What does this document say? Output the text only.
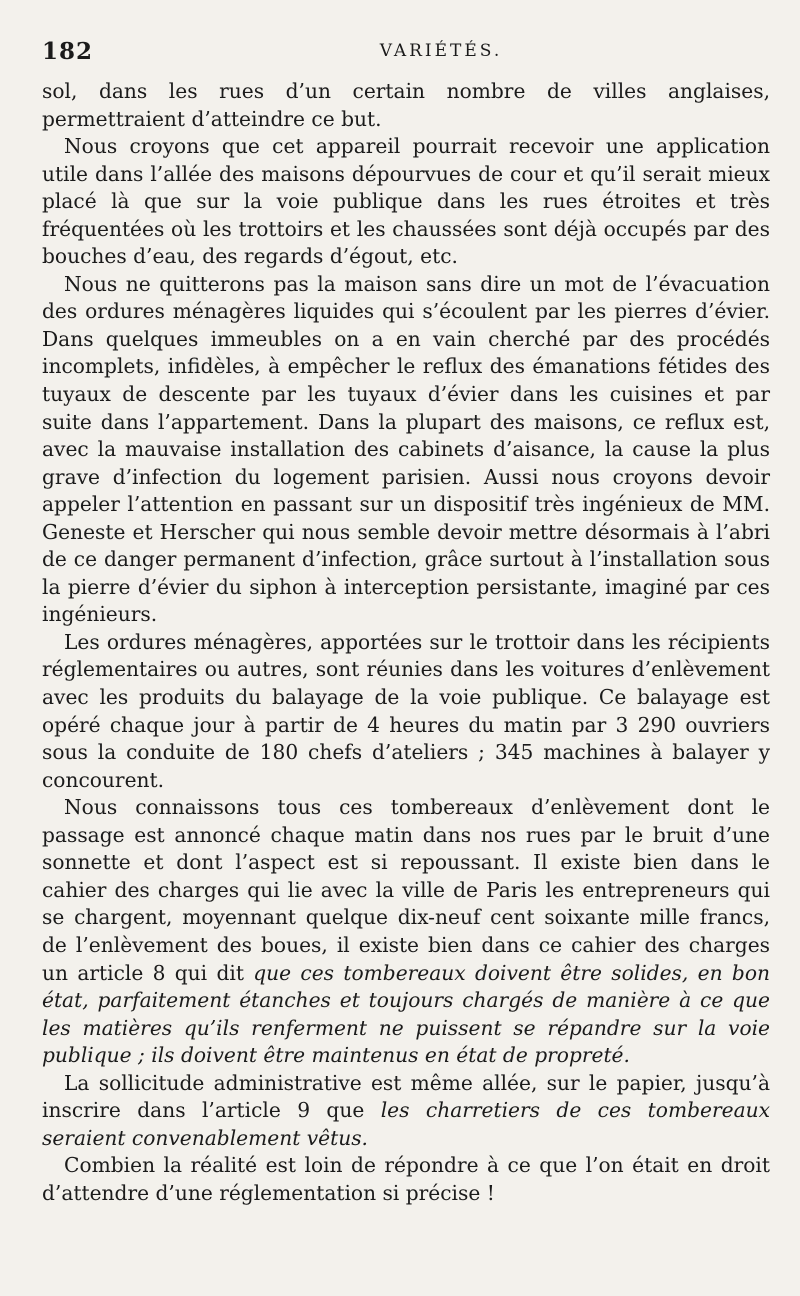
182	VARIÉTÉS.

sol, dans les rues d’un certain nombre de villes anglaises, permettraient d’atteindre ce but.

Nous croyons que cet appareil pourrait recevoir une application utile dans l’allée des maisons dépourvues de cour et qu’il serait mieux placé là que sur la voie publique dans les rues étroites et très fréquentées où les trottoirs et les chaussées sont déjà occupés par des bouches d’eau, des regards d’égout, etc.

Nous ne quitterons pas la maison sans dire un mot de l’évacuation des ordures ménagères liquides qui s’écoulent par les pierres d’évier. Dans quelques immeubles on a en vain cherché par des procédés incomplets, infidèles, à empêcher le reflux des émanations fétides des tuyaux de descente par les tuyaux d’évier dans les cuisines et par suite dans l’appartement. Dans la plupart des maisons, ce reflux est, avec la mauvaise installation des cabinets d’aisance, la cause la plus grave d’infection du logement parisien. Aussi nous croyons devoir appeler l’attention en passant sur un dispositif très ingénieux de MM. Geneste et Herscher qui nous semble devoir mettre désormais à l’abri de ce danger permanent d’infection, grâce surtout à l’installation sous la pierre d’évier du siphon à interception persistante, imaginé par ces ingénieurs.

Les ordures ménagères, apportées sur le trottoir dans les récipients réglementaires ou autres, sont réunies dans les voitures d’enlèvement avec les produits du balayage de la voie publique. Ce balayage est opéré chaque jour à partir de 4 heures du matin par 3 290 ouvriers sous la conduite de 180 chefs d’ateliers ; 345 machines à balayer y concourent.

Nous connaissons tous ces tombereaux d’enlèvement dont le passage est annoncé chaque matin dans nos rues par le bruit d’une sonnette et dont l’aspect est si repoussant. Il existe bien dans le cahier des charges qui lie avec la ville de Paris les entrepreneurs qui se chargent, moyennant quelque dix-neuf cent soixante mille francs, de l’enlèvement des boues, il existe bien dans ce cahier des charges un article 8 qui dit que ces tombereaux doivent être solides, en bon état, parfaitement étanches et toujours chargés de manière à ce que les matières qu’ils renferment ne puissent se répandre sur la voie publique ; ils doivent être maintenus en état de propreté.

La sollicitude administrative est même allée, sur le papier, jusqu’à inscrire dans l’article 9 que les charretiers de ces tombereaux seraient convenablement vêtus.

Combien la réalité est loin de répondre à ce que l’on était en droit d’attendre d’une réglementation si précise !
